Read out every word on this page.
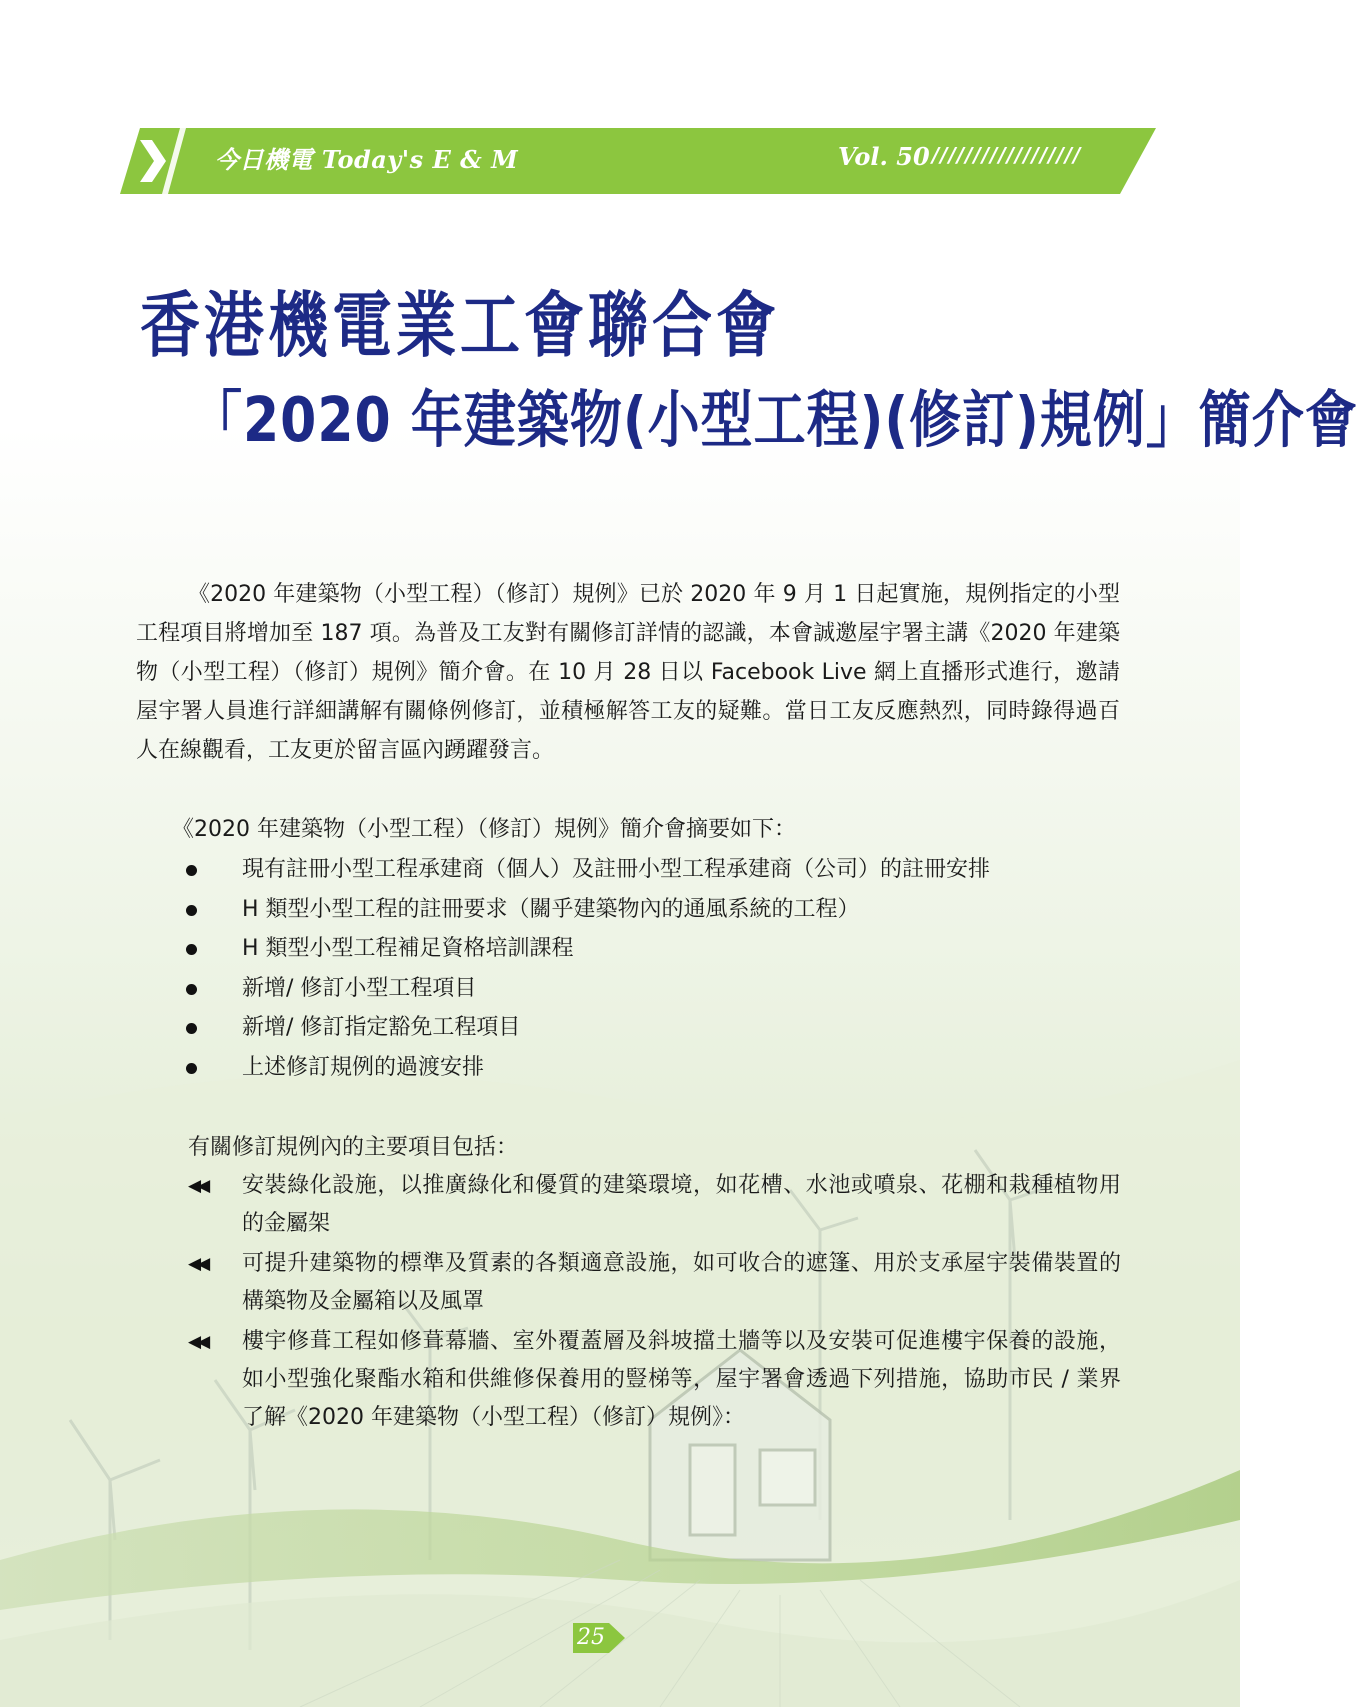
今日機電 Today's E & M	Vol. 50 //////////////////
香港機電業工會聯合會
「2020 年建築物(小型工程)(修訂)規例」簡介會
《2020 年建築物（小型工程）（修訂）規例》已於 2020 年 9 月 1 日起實施，規例指定的小型工程項目將增加至 187 項。為普及工友對有關修訂詳情的認識，本會誠邀屋宇署主講《2020 年建築物（小型工程）（修訂）規例》簡介會。在 10 月 28 日以 Facebook Live 網上直播形式進行，邀請屋宇署人員進行詳細講解有關條例修訂，並積極解答工友的疑難。當日工友反應熱烈，同時錄得過百人在線觀看，工友更於留言區內踴躍發言。
《2020 年建築物（小型工程）（修訂）規例》簡介會摘要如下：
現有註冊小型工程承建商（個人）及註冊小型工程承建商（公司）的註冊安排
H 類型小型工程的註冊要求（關乎建築物內的通風系統的工程）
H 類型小型工程補足資格培訓課程
新增/ 修訂小型工程項目
新增/ 修訂指定豁免工程項目
上述修訂規例的過渡安排
有關修訂規例內的主要項目包括：
◀◀ 安裝綠化設施，以推廣綠化和優質的建築環境，如花槽、水池或噴泉、花棚和栽種植物用的金屬架
◀◀ 可提升建築物的標準及質素的各類適意設施，如可收合的遮篷、用於支承屋宇裝備裝置的構築物及金屬箱以及風罩
◀◀ 樓宇修葺工程如修葺幕牆、室外覆蓋層及斜坡擋土牆等以及安裝可促進樓宇保養的設施，如小型強化聚酯水箱和供維修保養用的豎梯等，屋宇署會透過下列措施，協助市民 / 業界了解《2020 年建築物（小型工程）（修訂）規例》：
25
